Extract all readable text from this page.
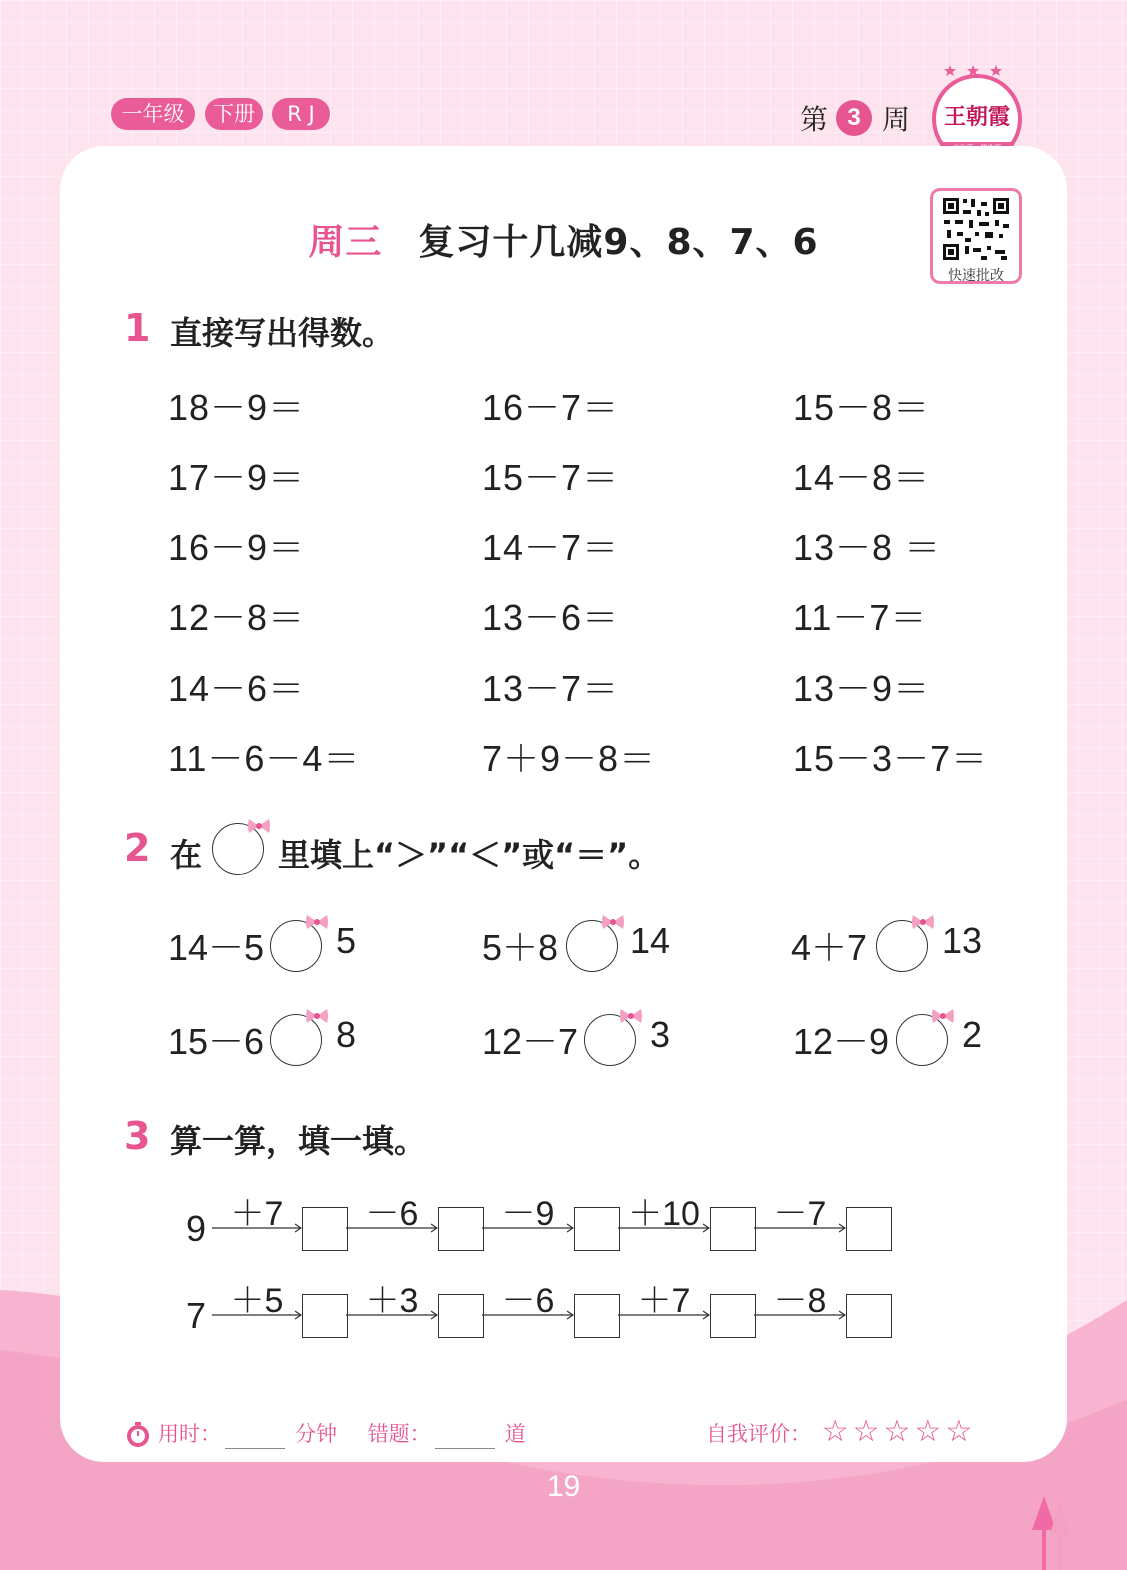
一年级	下册	R J	第 3 周	王朝霞
周三 复习十几减9、8、7、6
快速批改
1 直接写出得数。
18－9＝	16－7＝	15－8＝
17－9＝	15－7＝	14－8＝
16－9＝	14－7＝	13－8 ＝
12－8＝	13－6＝	11－7＝
14－6＝	13－7＝	13－9＝
11－6－4＝	7＋9－8＝	15－3－7＝
2 在 里填上“＞”“＜”或“＝”。
14－5 5	5＋8 14	4＋7 13
15－6 8	12－7 3	12－9 2
3 算一算，填一填。
9 ＋7	－6	－9	＋10	－7
7 ＋5	＋3	－6	＋7	－8
用时：	分钟 错题：	道	自我评价： ☆ ☆ ☆ ☆ ☆
19
